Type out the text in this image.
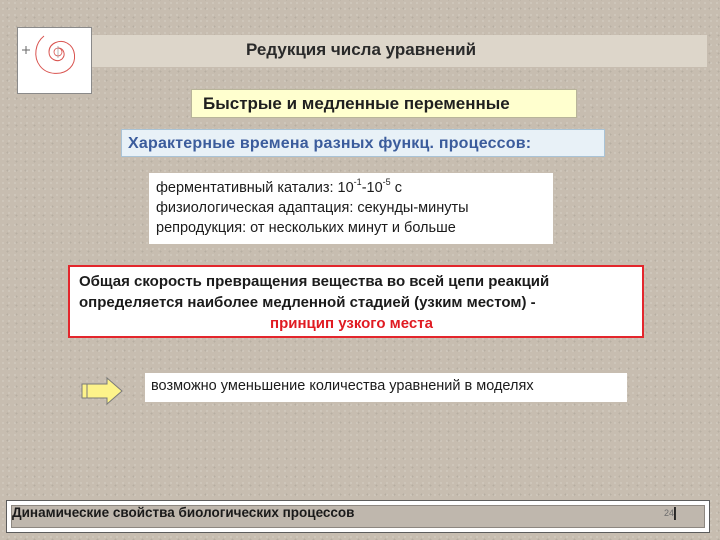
Редукция числа уравнений
Быстрые и медленные переменные
Характерные времена разных функц. процессов:
ферментативный катализ: $10^{-1}-10^{-5}$ с
физиологическая адаптация: секунды-минуты
репродукция: от нескольких минут и больше
Общая скорость превращения вещества во всей цепи реакций определяется наиболее медленной стадией (узким местом) -
принцип узкого места
возможно уменьшение количества уравнений в моделях
Динамические свойства биологических процессов	24
|
